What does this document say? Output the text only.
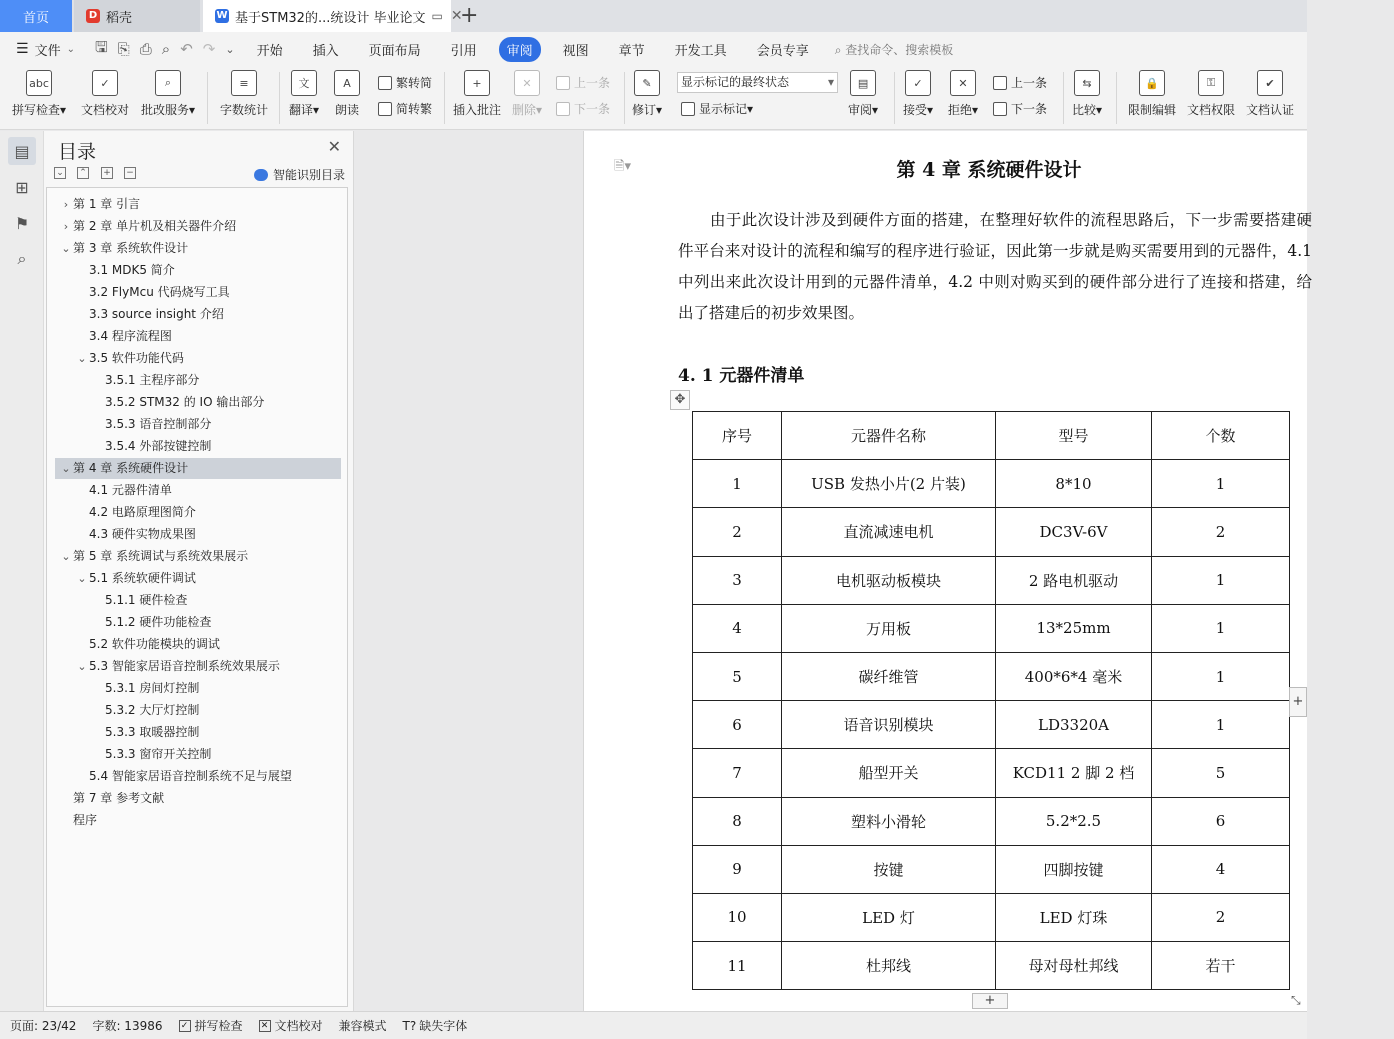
首页	D 稻壳	W 基于STM32的...统设计 毕业论文 ▭ ✕
+
☰ 文件 ⌄ 🖫 ⎘ ⎙ ⌕ ↶ ↷ ⌄ 开始 插入 页面布局 引用	审阅	视图 章节 开发工具 会员专享 ⌕ 查找命令、搜索模板
abc
拼写检查▾
✓
文档校对
⌕
批改服务▾
≡
字数统计
文
翻译▾
A
朗读
繁转简
简转繁
+
插入批注
✕
删除▾
上一条
下一条
✎
修订▾
显示标记的最终状态 ▾
显示标记▾
▤
审阅▾
✓
接受▾
✕
拒绝▾
上一条
下一条
⇆
比较▾
🔒
限制编辑
⚿
文档权限
✔
文档认证
▤
⊞
⚑
⌕
目录	✕
⌄ ⌃ + −	智能识别目录
› 第 1 章 引言
› 第 2 章 单片机及相关器件介绍
⌄ 第 3 章 系统软件设计
3.1 MDK5 简介
3.2 FlyMcu 代码烧写工具
3.3 source insight 介绍
3.4 程序流程图
⌄ 3.5 软件功能代码
3.5.1 主程序部分
3.5.2 STM32 的 IO 输出部分
3.5.3 语音控制部分
3.5.4 外部按键控制
⌄ 第 4 章 系统硬件设计
4.1 元器件清单
4.2 电路原理图简介
4.3 硬件实物成果图
⌄ 第 5 章 系统调试与系统效果展示
⌄ 5.1 系统软硬件调试
5.1.1 硬件检查
5.1.2 硬件功能检查
5.2 软件功能模块的调试
⌄ 5.3 智能家居语音控制系统效果展示
5.3.1 房间灯控制
5.3.2 大厅灯控制
5.3.3 取暖器控制
5.3.3 窗帘开关控制
5.4 智能家居语音控制系统不足与展望
第 7 章 参考文献
程序
🗎▾	第 4 章 系统硬件设计
由于此次设计涉及到硬件方面的搭建，在整理好软件的流程思路后，下一步需要搭建硬件平台来对设计的流程和编写的程序进行验证，因此第一步就是购买需要用到的元器件，4.1 中列出来此次设计用到的元器件清单，4.2 中则对购买到的硬件部分进行了连接和搭建，给出了搭建后的初步效果图。
4. 1 元器件清单
✥
序号	元器件名称	型号	个数
1	USB 发热小片(2 片装)	8*10	1
2	直流减速电机	DC3V-6V	2
3	电机驱动板模块	2 路电机驱动	1
4	万用板	13*25mm	1
5	碳纤维管	400*6*4 毫米	1
6	语音识别模块	LD3320A	1
7	船型开关	KCD11 2 脚 2 档	5
8	塑料小滑轮	5.2*2.5	6
9	按键	四脚按键	4
10	LED 灯	LED 灯珠	2
11	杜邦线	母对母杜邦线	若干
+
+
⤡
页面: 23/42 字数: 13986 ✓ 拼写检查 ✕ 文档校对 兼容模式 T? 缺失字体
